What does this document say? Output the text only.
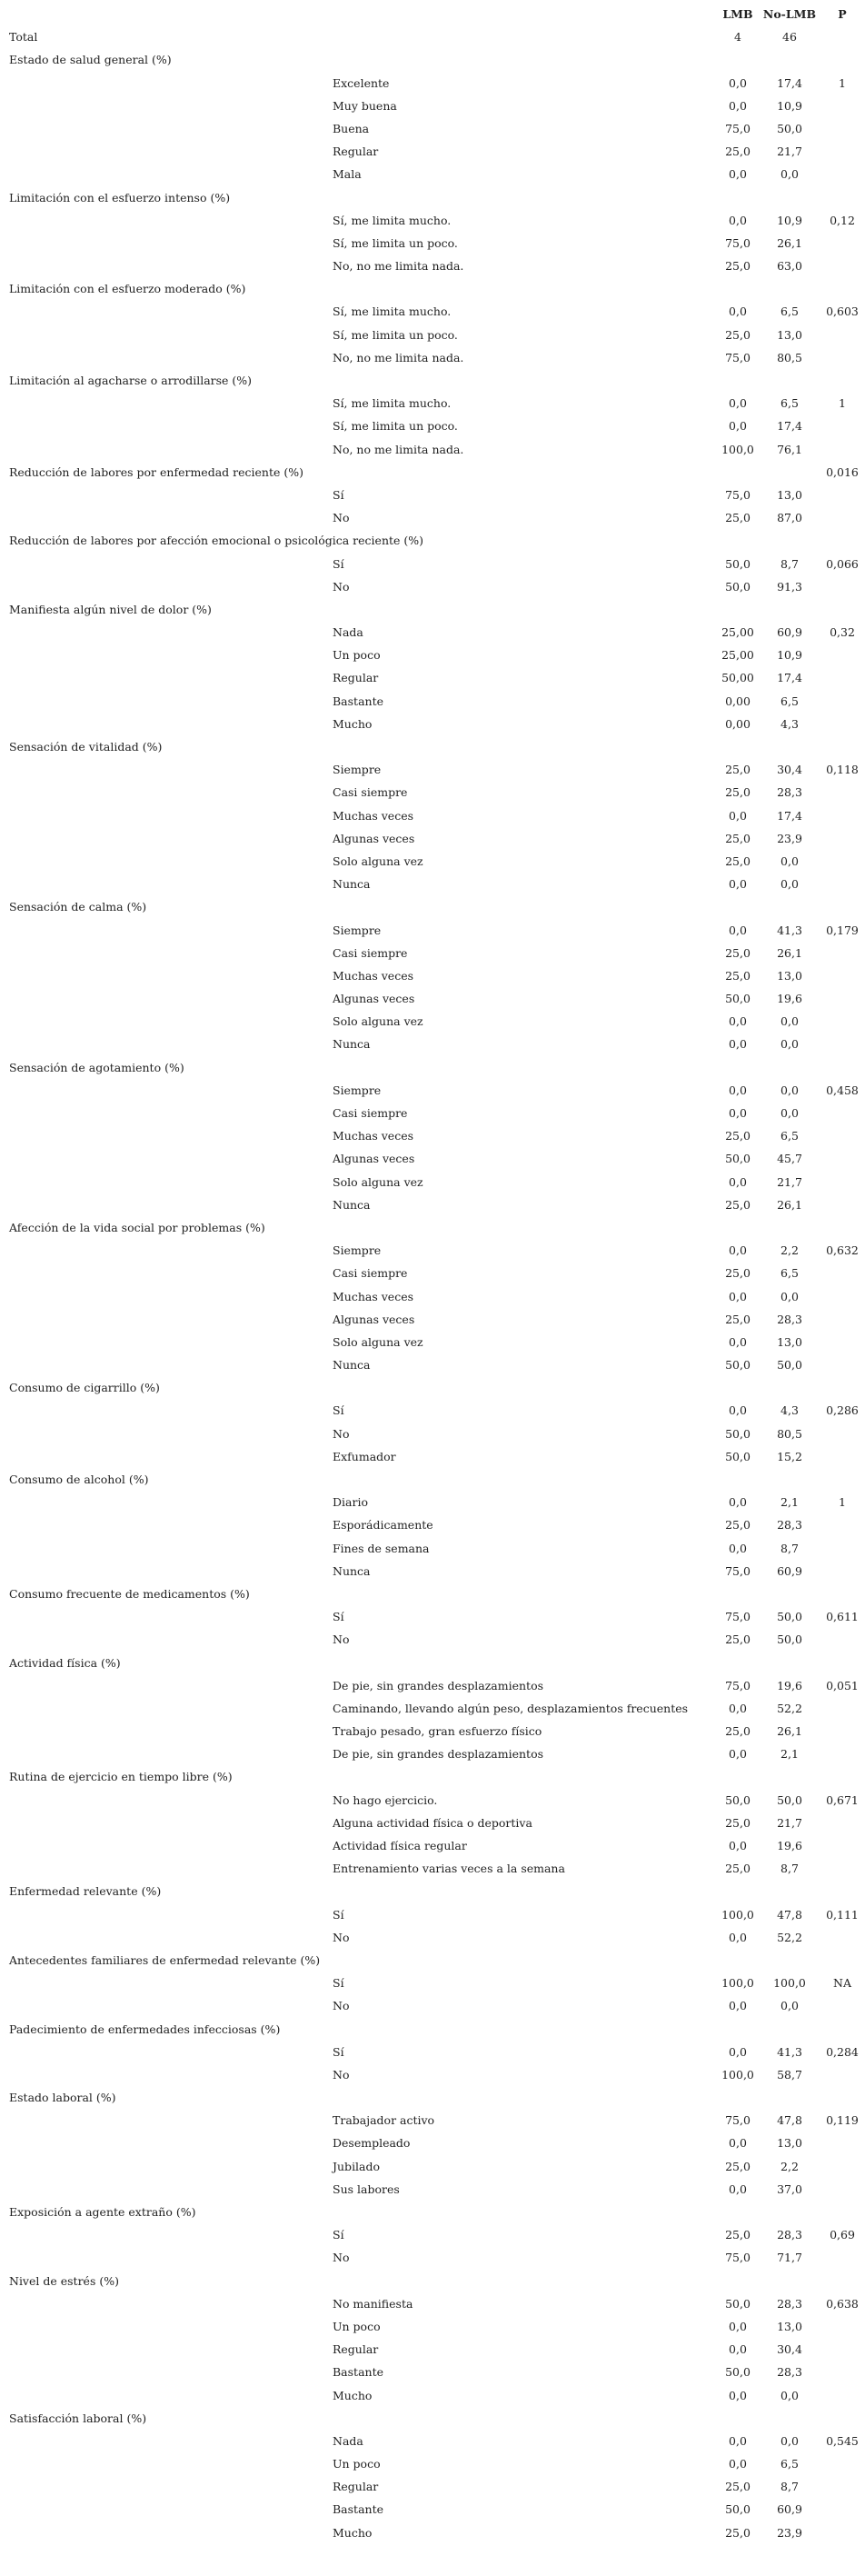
LMB No-LMB	P
Total	4	46
Estado de salud general (%)
Excelente	0,0	17,4	1
Muy buena	0,0	10,9
Buena	75,0	50,0
Regular	25,0	21,7
Mala	0,0	0,0
Limitación con el esfuerzo intenso (%)
Sí, me limita mucho.	0,0	10,9	0,12
Sí, me limita un poco.	75,0	26,1
No, no me limita nada.	25,0	63,0
Limitación con el esfuerzo moderado (%)
Sí, me limita mucho.	0,0	6,5	0,603
Sí, me limita un poco.	25,0	13,0
No, no me limita nada.	75,0	80,5
Limitación al agacharse o arrodillarse (%)
Sí, me limita mucho.	0,0	6,5	1
Sí, me limita un poco.	0,0	17,4
No, no me limita nada.	100,0	76,1
Reducción de labores por enfermedad reciente (%)	0,016
Sí	75,0	13,0
No	25,0	87,0
Reducción de labores por afección emocional o psicológica reciente (%)
Sí	50,0	8,7	0,066
No	50,0	91,3
Manifiesta algún nivel de dolor (%)
Nada	25,00	60,9	0,32
Un poco	25,00	10,9
Regular	50,00	17,4
Bastante	0,00	6,5
Mucho	0,00	4,3
Sensación de vitalidad (%)
Siempre	25,0	30,4	0,118
Casi siempre	25,0	28,3
Muchas veces	0,0	17,4
Algunas veces	25,0	23,9
Solo alguna vez	25,0	0,0
Nunca	0,0	0,0
Sensación de calma (%)
Siempre	0,0	41,3	0,179
Casi siempre	25,0	26,1
Muchas veces	25,0	13,0
Algunas veces	50,0	19,6
Solo alguna vez	0,0	0,0
Nunca	0,0	0,0
Sensación de agotamiento (%)
Siempre	0,0	0,0	0,458
Casi siempre	0,0	0,0
Muchas veces	25,0	6,5
Algunas veces	50,0	45,7
Solo alguna vez	0,0	21,7
Nunca	25,0	26,1
Afección de la vida social por problemas (%)
Siempre	0,0	2,2	0,632
Casi siempre	25,0	6,5
Muchas veces	0,0	0,0
Algunas veces	25,0	28,3
Solo alguna vez	0,0	13,0
Nunca	50,0	50,0
Consumo de cigarrillo (%)
Sí	0,0	4,3	0,286
No	50,0	80,5
Exfumador	50,0	15,2
Consumo de alcohol (%)
Diario	0,0	2,1	1
Esporádicamente	25,0	28,3
Fines de semana	0,0	8,7
Nunca	75,0	60,9
Consumo frecuente de medicamentos (%)
Sí	75,0	50,0	0,611
No	25,0	50,0
Actividad física (%)
De pie, sin grandes desplazamientos	75,0	19,6	0,051
Caminando, llevando algún peso, desplazamientos frecuentes	0,0	52,2
Trabajo pesado, gran esfuerzo físico	25,0	26,1
De pie, sin grandes desplazamientos	0,0	2,1
Rutina de ejercicio en tiempo libre (%)
No hago ejercicio.	50,0	50,0	0,671
Alguna actividad física o deportiva	25,0	21,7
Actividad física regular	0,0	19,6
Entrenamiento varias veces a la semana	25,0	8,7
Enfermedad relevante (%)
Sí	100,0	47,8	0,111
No	0,0	52,2
Antecedentes familiares de enfermedad relevante (%)
Sí	100,0	100,0	NA
No	0,0	0,0
Padecimiento de enfermedades infecciosas (%)
Sí	0,0	41,3	0,284
No	100,0	58,7
Estado laboral (%)
Trabajador activo	75,0	47,8	0,119
Desempleado	0,0	13,0
Jubilado	25,0	2,2
Sus labores	0,0	37,0
Exposición a agente extraño (%)
Sí	25,0	28,3	0,69
No	75,0	71,7
Nivel de estrés (%)
No manifiesta	50,0	28,3	0,638
Un poco	0,0	13,0
Regular	0,0	30,4
Bastante	50,0	28,3
Mucho	0,0	0,0
Satisfacción laboral (%)
Nada	0,0	0,0	0,545
Un poco	0,0	6,5
Regular	25,0	8,7
Bastante	50,0	60,9
Mucho	25,0	23,9
